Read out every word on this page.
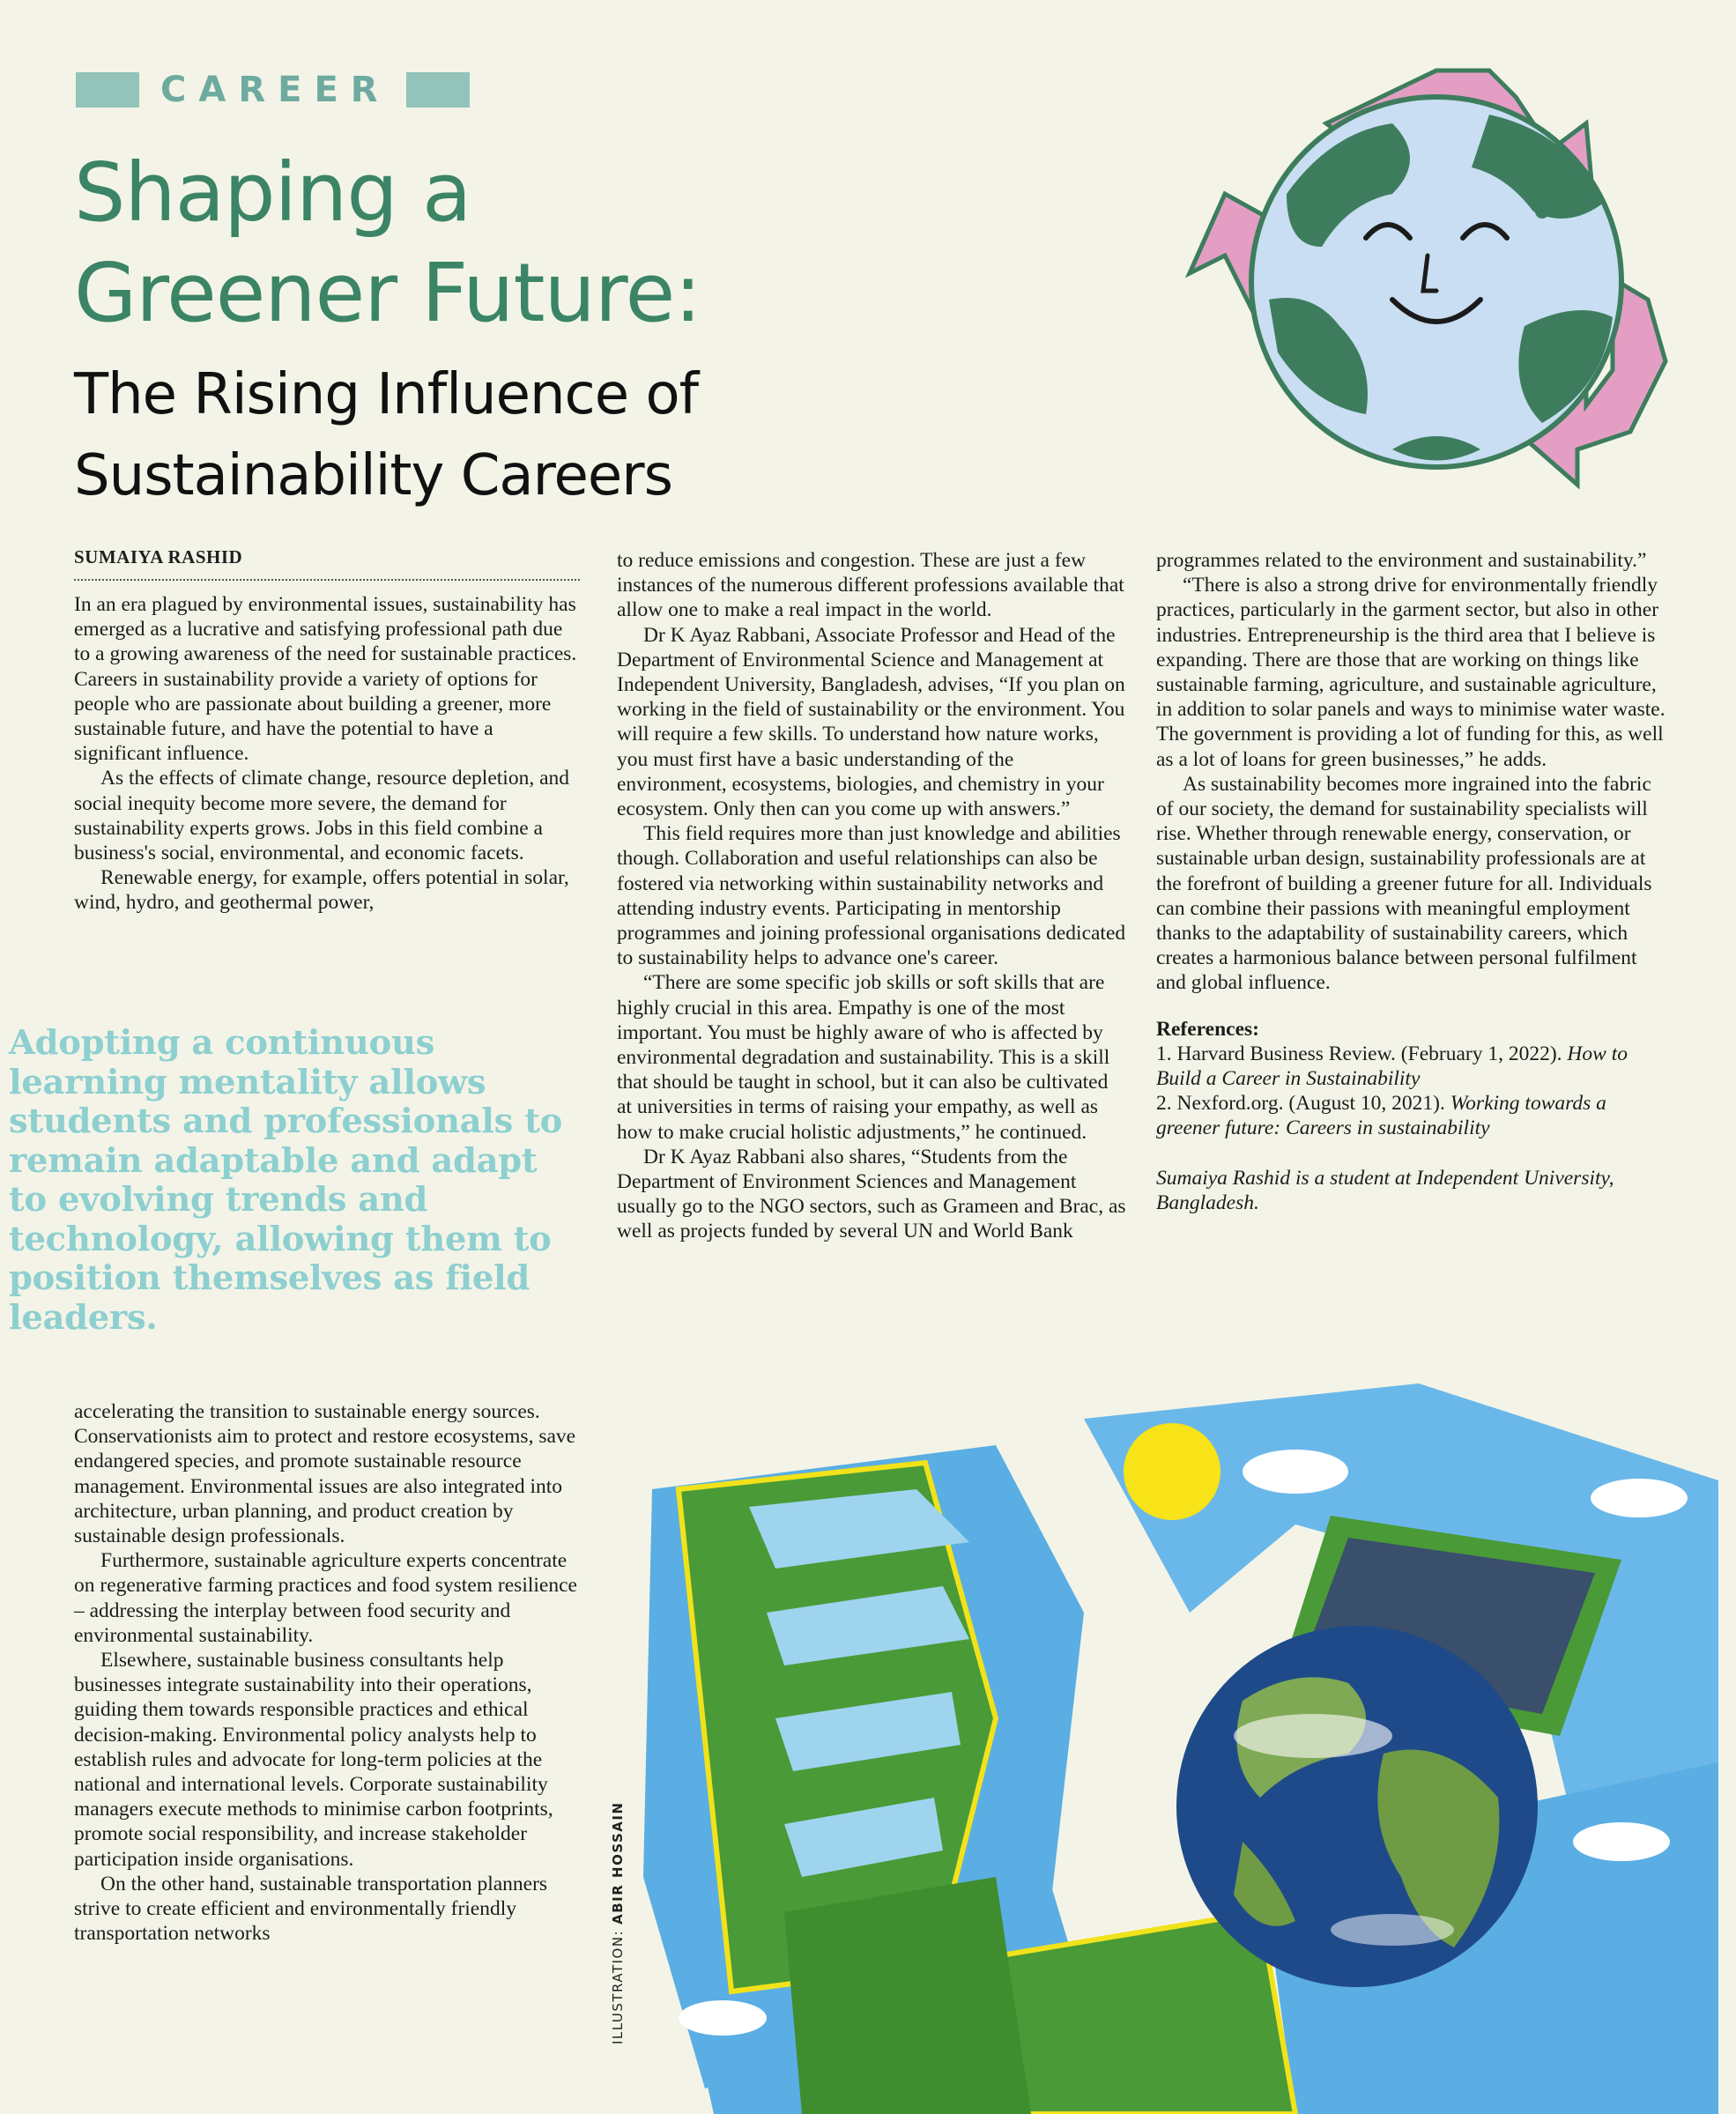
CAREER
Shaping a
Greener Future:
The Rising Influence of
Sustainability Careers
SUMAIYA RASHID

In an era plagued by environmental issues, sustainability has emerged as a lucrative and satisfying professional path due to a growing awareness of the need for sustainable practices. Careers in sustainability provide a variety of options for people who are passionate about building a greener, more sustainable future, and have the potential to have a significant influence.

As the effects of climate change, resource depletion, and social inequity become more severe, the demand for sustainability experts grows. Jobs in this field combine a business's social, environmental, and economic facets.

Renewable energy, for example, offers potential in solar, wind, hydro, and geothermal power,

Adopting a continuous learning mentality allows students and professionals to remain adaptable and adapt to evolving trends and technology, allowing them to position themselves as field leaders.

accelerating the transition to sustainable energy sources. Conservationists aim to protect and restore ecosystems, save endangered species, and promote sustainable resource management. Environmental issues are also integrated into architecture, urban planning, and product creation by sustainable design professionals.

Furthermore, sustainable agriculture experts concentrate on regenerative farming practices and food system resilience – addressing the interplay between food security and environmental sustainability.

Elsewhere, sustainable business consultants help businesses integrate sustainability into their operations, guiding them towards responsible practices and ethical decision-making. Environmental policy analysts help to establish rules and advocate for long-term policies at the national and international levels. Corporate sustainability managers execute methods to minimise carbon footprints, promote social responsibility, and increase stakeholder participation inside organisations.

On the other hand, sustainable transportation planners strive to create efficient and environmentally friendly transportation networks

to reduce emissions and congestion. These are just a few instances of the numerous different professions available that allow one to make a real impact in the world.

Dr K Ayaz Rabbani, Associate Professor and Head of the Department of Environmental Science and Management at Independent University, Bangladesh, advises, “If you plan on working in the field of sustainability or the environment. You will require a few skills. To understand how nature works, you must first have a basic understanding of the environment, ecosystems, biologies, and chemistry in your ecosystem. Only then can you come up with answers.”

This field requires more than just knowledge and abilities though. Collaboration and useful relationships can also be fostered via networking within sustainability networks and attending industry events. Participating in mentorship programmes and joining professional organisations dedicated to sustainability helps to advance one's career.

“There are some specific job skills or soft skills that are highly crucial in this area. Empathy is one of the most important. You must be highly aware of who is affected by environmental degradation and sustainability. This is a skill that should be taught in school, but it can also be cultivated at universities in terms of raising your empathy, as well as how to make crucial holistic adjustments,” he continued.

Dr K Ayaz Rabbani also shares, “Students from the Department of Environment Sciences and Management usually go to the NGO sectors, such as Grameen and Brac, as well as projects funded by several UN and World Bank

programmes related to the environment and sustainability.”

“There is also a strong drive for environmentally friendly practices, particularly in the garment sector, but also in other industries. Entrepreneurship is the third area that I believe is expanding. There are those that are working on things like sustainable farming, agriculture, and sustainable agriculture, in addition to solar panels and ways to minimise water waste. The government is providing a lot of funding for this, as well as a lot of loans for green businesses,” he adds.

As sustainability becomes more ingrained into the fabric of our society, the demand for sustainability specialists will rise. Whether through renewable energy, conservation, or sustainable urban design, sustainability professionals are at the forefront of building a greener future for all. Individuals can combine their passions with meaningful employment thanks to the adaptability of sustainability careers, which creates a harmonious balance between personal fulfilment and global influence.

References:

1. Harvard Business Review. (February 1, 2022). How to Build a Career in Sustainability

2. Nexford.org. (August 10, 2021). Working towards a greener future: Careers in sustainability

Sumaiya Rashid is a student at Independent University, Bangladesh.

ILLUSTRATION:ABIR HOSSAIN
